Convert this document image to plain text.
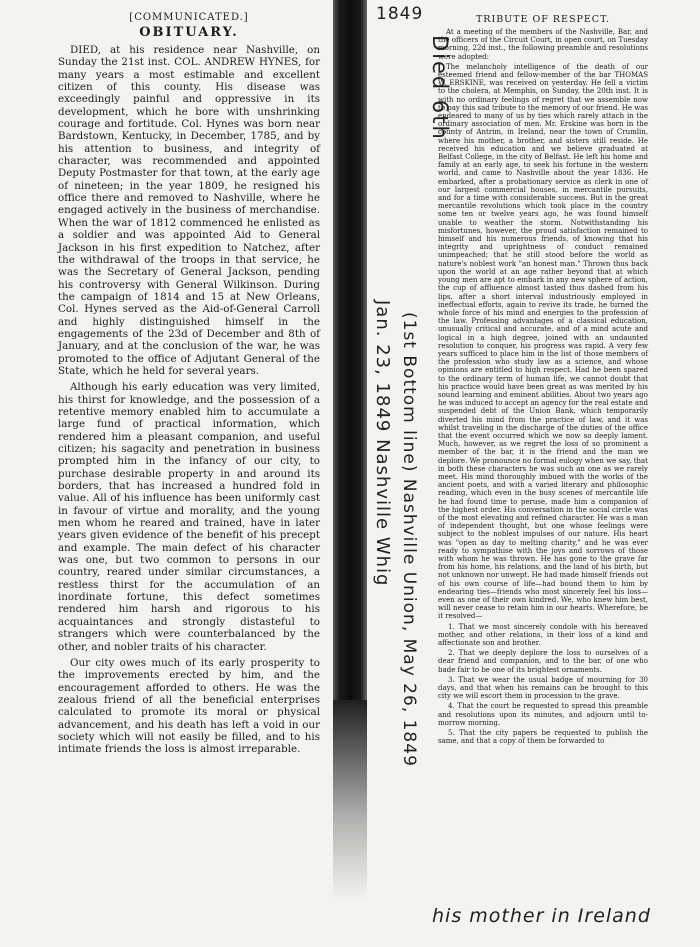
[COMMUNICATED.]
OBITUARY.

DIED, at his residence near Nashville, on Sunday the 21st inst. COL. ANDREW HYNES, for many years a most estimable and excellent citizen of this county. His disease was exceedingly painful and oppressive in its development, which he bore with unshrinking courage and fortitude. Col. Hynes was born near Bardstown, Kentucky, in December, 1785, and by his attention to business, and integrity of character, was recommended and appointed Deputy Postmaster for that town, at the early age of nineteen; in the year 1809, he resigned his office there and removed to Nashville, where he engaged actively in the business of merchandise. When the war of 1812 commenced he enlisted as a soldier and was appointed Aid to General Jackson in his first expedition to Natchez, after the withdrawal of the troops in that service, he was the Secretary of General Jackson, pending his controversy with General Wilkinson. During the campaign of 1814 and 15 at New Orleans, Col. Hynes served as the Aid-of-General Carroll and highly distinguished himself in the engagements of the 23d of December and 8th of January, and at the conclusion of the war, he was promoted to the office of Adjutant General of the State, which he held for several years.

Although his early education was very limited, his thirst for knowledge, and the possession of a retentive memory enabled him to accumulate a large fund of practical information, which rendered him a pleasant companion, and useful citizen; his sagacity and penetration in business prompted him in the infancy of our city, to purchase desirable property in and around its borders, that has increased a hundred fold in value. All of his influence has been uniformly cast in favour of virtue and morality, and the young men whom he reared and trained, have in later years given evidence of the benefit of his precept and example. The main defect of his character was one, but two common to persons in our country, reared under similar circumstances, a restless thirst for the accumulation of an inordinate fortune, this defect sometimes rendered him harsh and rigorous to his acquaintances and strongly distasteful to strangers which were counterbalanced by the other, and nobler traits of his character.

Our city owes much of its early prosperity to the improvements erected by him, and the encouragement afforded to others. He was the zealous friend of all the beneficial enterprises calculated to promote its moral or physical advancement, and his death has left a void in our society which will not easily be filled, and to his intimate friends the loss is almost irreparable.

1849
Jan. 23, 1849 Nashville Whig (1st Bottom line) Nashville Union, May 26, 1849
Died 6th
TRIBUTE OF RESPECT.

At a meeting of the members of the Nashville, Bar, and the officers of the Circuit Court, in open court, on Tuesday morning, 22d inst., the following preamble and resolutions were adopted:

The melancholy intelligence of the death of our esteemed friend and fellow-member of the bar THOMAS W. ERSKINE, was received on yesterday. He fell a victim to the cholera, at Memphis, on Sunday, the 20th inst. It is with no ordinary feelings of regret that we assemble now to pay this sad tribute to the memory of our friend. He was endeared to many of us by ties which rarely attach in the ordinary association of men. Mr. Erskine was born in the county of Antrim, in Ireland, near the town of Crumlin, where his mother, a brother, and sisters still reside. He received his education and we believe graduated at Belfast College, in the city of Belfast. He left his home and family at an early age, to seek his fortune in the western world, and came to Nashville about the year 1836. He embarked, after a probationary service as clerk in one of our largest commercial houses, in mercantile pursuits, and for a time with considerable success. But in the great mercantile revolutions which took place in the country some ten or twelve years ago, he was found himself unable to weather the storm. Notwithstanding his misfortunes, however, the proud satisfaction remained to himself and his numerous friends, of knowing that his integrity and uprightness of conduct remained unimpeached; that he still stood before the world as nature's noblest work "an honest man." Thrown thus back upon the world at an age rather beyond that at which young men are apt to embark in any new sphere of action, the cup of affluence almost tasted thus dashed from his lips, after a short interval industriously employed in ineffectual efforts, again to revive its trade, he turned the whole force of his mind and energies to the profession of the law. Professing advantages of a classical education, unusually critical and accurate, and of a mind acute and logical in a high degree, joined with an undaunted resolution to conquer, his progress was rapid. A very few years sufficed to place him in the list of those members of the profession who study law as a science, and whose opinions are entitled to high respect. Had he been spared to the ordinary term of human life, we cannot doubt that his practice would have been great as was merited by his sound learning and eminent abilities. About two years ago he was induced to accept an agency for the real estate and suspended debt of the Union Bank, which temporarily diverted his mind from the practice of law, and it was whilst traveling in the discharge of the duties of the office that the event occurred which we now so deeply lament. Much, however, as we regret the loss of so prominent a member of the bar, it is the friend and the man we deplore. We pronounce no formal eulogy when we say, that in both these characters he was such an one as we rarely meet. His mind thoroughly imbued with the works of the ancient poets, and with a varied literary and philosophic reading, which even in the busy scenes of mercantile life he had found time to peruse, made him a companion of the highest order. His conversation in the social circle was of the most elevating and refined character. He was a man of independent thought, but one whose feelings were subject to the noblest impulses of our nature. His heart was "open as day to melting charity," and he was ever ready to sympathise with the joys and sorrows of those with whom he was thrown. He has gone to the grave far from his home, his relations, and the land of his birth, but not unknown nor unwept. He had made himself friends out of his own course of life—had bound them to him by endearing ties—friends who most sincerely feel his loss—even as one of their own kindred. We, who knew him best, will never cease to retain him in our hearts. Wherefore, be it resolved—

1. That we most sincerely condole with his bereaved mother, and other relations, in their loss of a kind and affectionate son and brother.

2. That we deeply deplore the loss to ourselves of a dear friend and companion, and to the bar, of one who bade fair to be one of its brightest ornaments.

3. That we wear the usual badge of mourning for 30 days, and that when his remains can be brought to this city we will escort them in procession to the grave.

4. That the court be requested to spread this preamble and resolutions upon its minutes, and adjourn until to-morrow morning.

5. That the city papers be requested to publish the same, and that a copy of them be forwarded to

his mother in Ireland
